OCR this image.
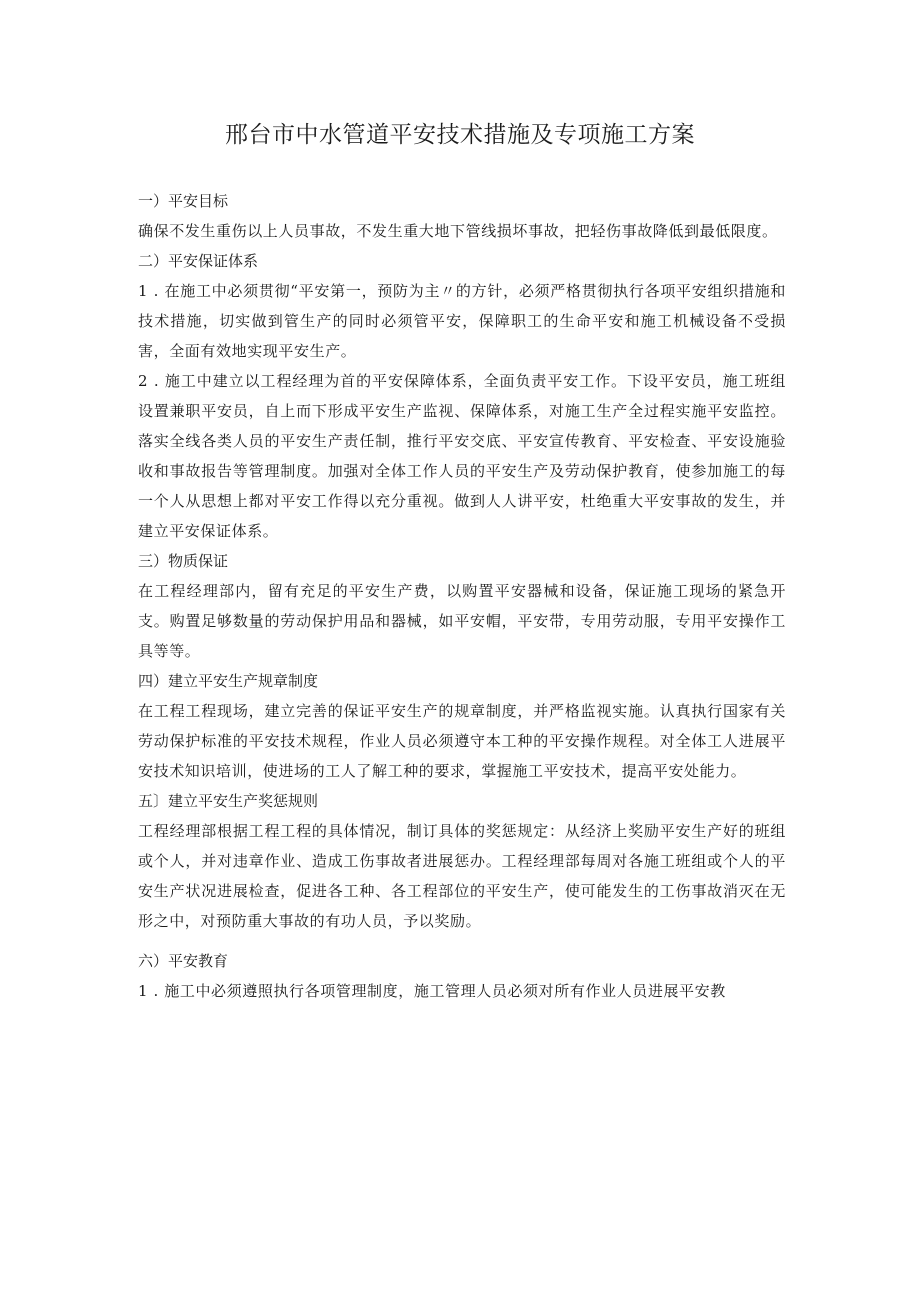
邢台市中水管道平安技术措施及专项施工方案

一）平安目标

确保不发生重伤以上人员事故，不发生重大地下管线损坏事故，把轻伤事故降低到最低限度。

二）平安保证体系

1 . 在施工中必须贯彻“平安第一，预防为主〃的方针，必须严格贯彻执行各项平安组织措施和技术措施，切实做到管生产的同时必须管平安，保障职工的生命平安和施工机械设备不受损害，全面有效地实现平安生产。

2 . 施工中建立以工程经理为首的平安保障体系，全面负责平安工作。下设平安员，施工班组设置兼职平安员，自上而下形成平安生产监视、保障体系，对施工生产全过程实施平安监控。落实全线各类人员的平安生产责任制，推行平安交底、平安宣传教育、平安检查、平安设施验收和事故报告等管理制度。加强对全体工作人员的平安生产及劳动保护教育，使参加施工的每一个人从思想上都对平安工作得以充分重视。做到人人讲平安，杜绝重大平安事故的发生，并建立平安保证体系。

三）物质保证

在工程经理部内，留有充足的平安生产费，以购置平安器械和设备，保证施工现场的紧急开支。购置足够数量的劳动保护用品和器械，如平安帽，平安带，专用劳动服，专用平安操作工具等等。

四）建立平安生产规章制度

在工程工程现场，建立完善的保证平安生产的规章制度，并严格监视实施。认真执行国家有关劳动保护标准的平安技术规程，作业人员必须遵守本工种的平安操作规程。对全体工人进展平安技术知识培训，使进场的工人了解工种的要求，掌握施工平安技术，提高平安处能力。

五〕建立平安生产奖惩规则

工程经理部根据工程工程的具体情况，制订具体的奖惩规定：从经济上奖励平安生产好的班组或个人，并对违章作业、造成工伤事故者进展惩办。工程经理部每周对各施工班组或个人的平安生产状况进展检查，促进各工种、各工程部位的平安生产，使可能发生的工伤事故消灭在无形之中，对预防重大事故的有功人员，予以奖励。

六）平安教育

1 . 施工中必须遵照执行各项管理制度，施工管理人员必须对所有作业人员进展平安教
